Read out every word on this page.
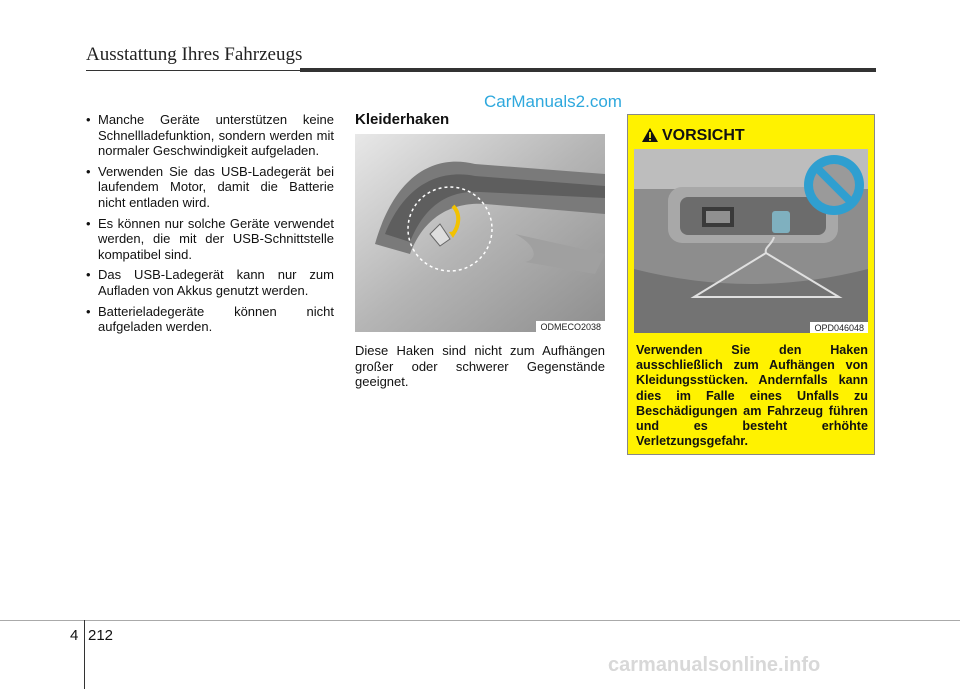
Ausstattung Ihres Fahrzeugs
CarManuals2.com
• Manche Geräte unterstützen keine Schnellladefunktion, sondern werden mit normaler Geschwindigkeit aufgeladen.
• Verwenden Sie das USB-Ladegerät bei laufendem Motor, damit die Batterie nicht entladen wird.
• Es können nur solche Geräte verwendet werden, die mit der USB-Schnittstelle kompatibel sind.
• Das USB-Ladegerät kann nur zum Aufladen von Akkus genutzt werden.
• Batterieladegeräte können nicht aufgeladen werden.
Kleiderhaken
ODMECO2038
Diese Haken sind nicht zum Aufhängen großer oder schwerer Gegenstände geeignet.
VORSICHT
OPD046048
Verwenden Sie den Haken ausschließlich zum Aufhängen von Kleidungsstücken. Andernfalls kann dies im Falle eines Unfalls zu Beschädigungen am Fahrzeug führen und es besteht erhöhte Verletzungsgefahr.
4 212
carmanualsonline.info
